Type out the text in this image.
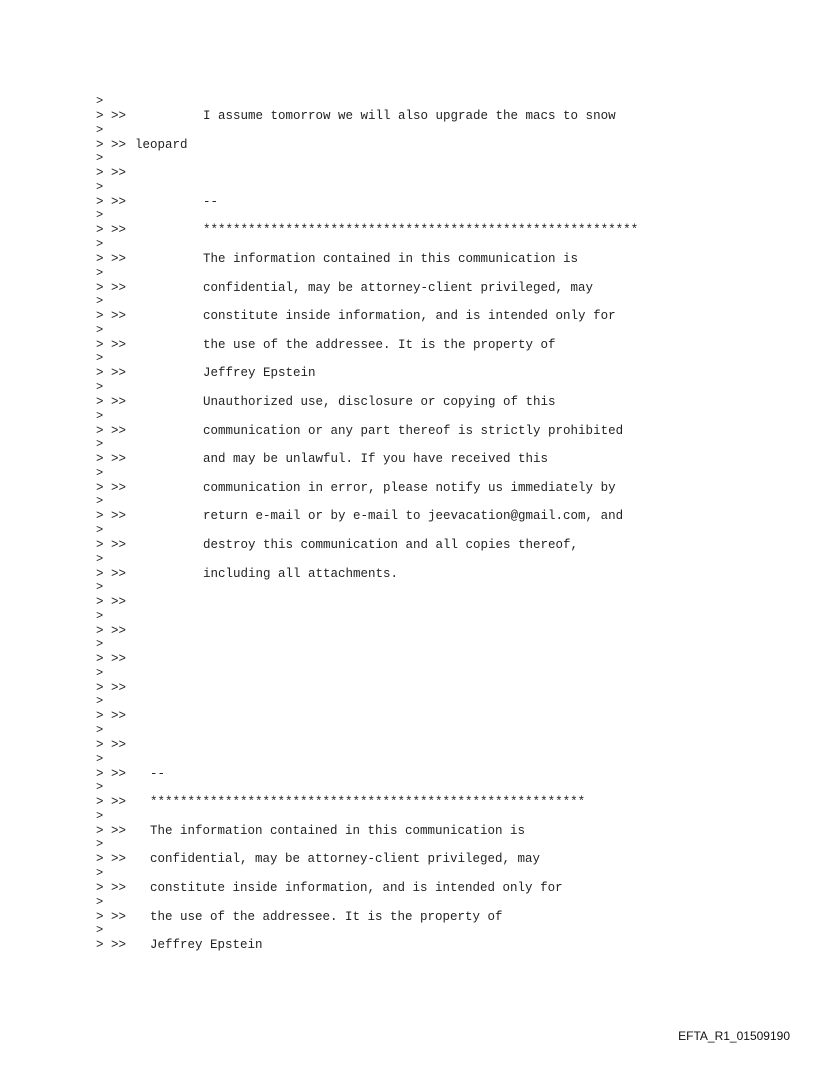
>
> >>	I assume tomorrow we will also upgrade the macs to snow
>
> >> leopard
>
> >>
>
> >>	--
>
> >>	**********************************************************
>
> >>	The information contained in this communication is
>
> >>	confidential, may be attorney-client privileged, may
>
> >>	constitute inside information, and is intended only for
>
> >>	the use of the addressee. It is the property of
>
> >>	Jeffrey Epstein
>
> >>	Unauthorized use, disclosure or copying of this
>
> >>	communication or any part thereof is strictly prohibited
>
> >>	and may be unlawful. If you have received this
>
> >>	communication in error, please notify us immediately by
>
> >>	return e-mail or by e-mail to jeevacation@gmail.com, and
>
> >>	destroy this communication and all copies thereof,
>
> >>	including all attachments.
>
> >>
>
> >>
>
> >>
>
> >>
>
> >>
>
> >>
>
> >>	--
>
> >>	**********************************************************
>
> >>	The information contained in this communication is
>
> >>	confidential, may be attorney-client privileged, may
>
> >>	constitute inside information, and is intended only for
>
> >>	the use of the addressee. It is the property of
>
> >>	Jeffrey Epstein
EFTA_R1_01509190
